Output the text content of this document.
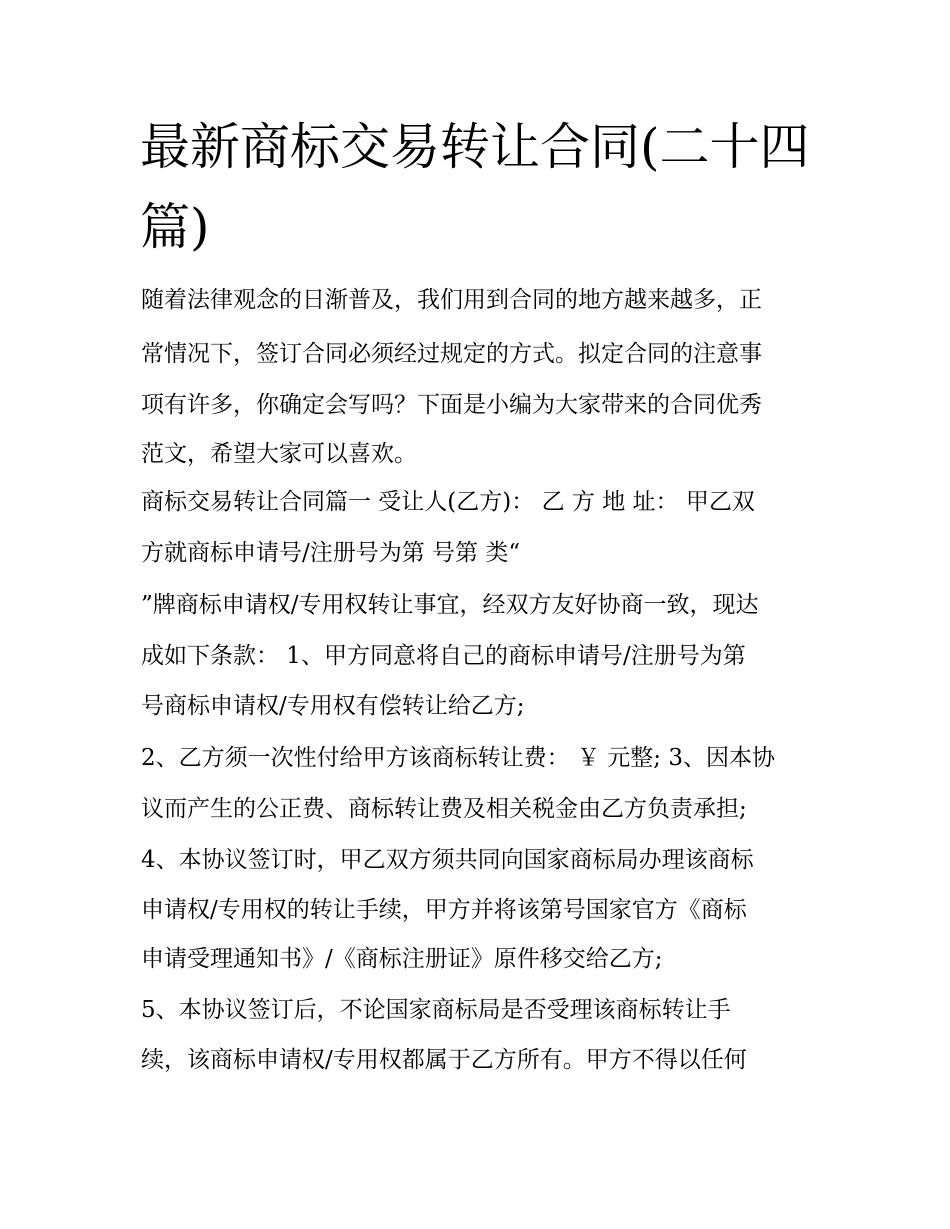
最新商标交易转让合同(二十四
篇)

随着法律观念的日渐普及，我们用到合同的地方越来越多，正

常情况下，签订合同必须经过规定的方式。拟定合同的注意事

项有许多，你确定会写吗？下面是小编为大家带来的合同优秀

范文，希望大家可以喜欢。

商标交易转让合同篇一 受让人(乙方)： 乙 方 地 址： 甲乙双

方就商标申请号/注册号为第 号第 类“

”牌商标申请权/专用权转让事宜，经双方友好协商一致，现达

成如下条款： 1、甲方同意将自己的商标申请号/注册号为第

号商标申请权/专用权有偿转让给乙方;

2、乙方须一次性付给甲方该商标转让费： ￥ 元整; 3、因本协

议而产生的公正费、商标转让费及相关税金由乙方负责承担;

4、本协议签订时，甲乙双方须共同向国家商标局办理该商标

申请权/专用权的转让手续，甲方并将该第号国家官方《商标

申请受理通知书》/《商标注册证》原件移交给乙方;

5、本协议签订后，不论国家商标局是否受理该商标转让手

续，该商标申请权/专用权都属于乙方所有。甲方不得以任何
